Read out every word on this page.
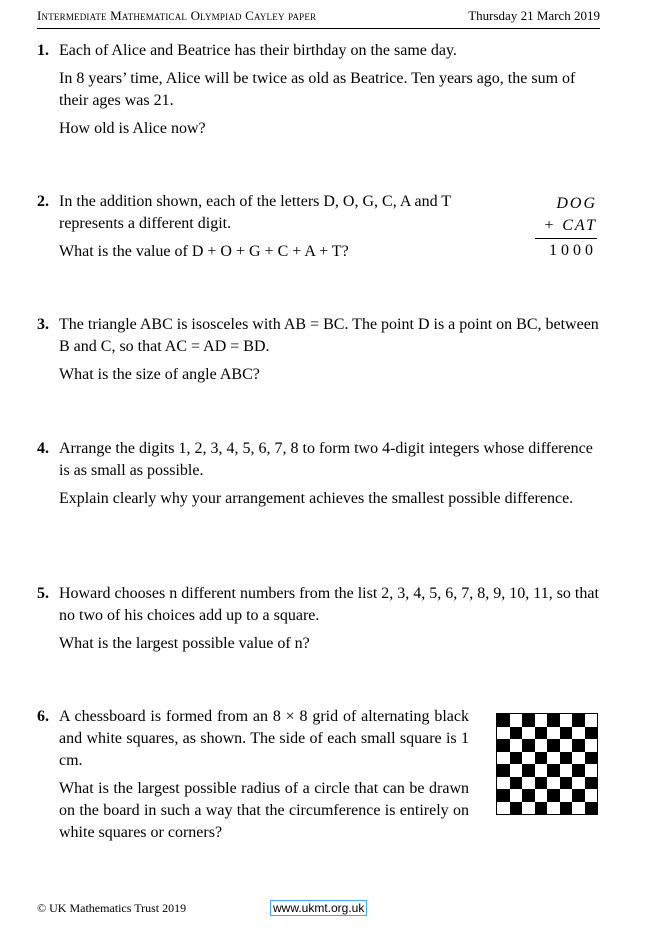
Intermediate Mathematical Olympiad Cayley paper	Thursday 21 March 2019
1. Each of Alice and Beatrice has their birthday on the same day.

In 8 years’ time, Alice will be twice as old as Beatrice. Ten years ago, the sum of their ages was 21.

How old is Alice now?

2. In the addition shown, each of the letters D, O, G, C, A and T represents a different digit.

What is the value of D + O + G + C + A + T?

DOG
+ CAT
1000
3. The triangle ABC is isosceles with AB = BC. The point D is a point on BC, between B and C, so that AC = AD = BD.

What is the size of angle ABC?

4. Arrange the digits 1, 2, 3, 4, 5, 6, 7, 8 to form two 4-digit integers whose difference is as small as possible.

Explain clearly why your arrangement achieves the smallest possible difference.

5. Howard chooses n different numbers from the list 2, 3, 4, 5, 6, 7, 8, 9, 10, 11, so that no two of his choices add up to a square.

What is the largest possible value of n?

6. A chessboard is formed from an 8 × 8 grid of alternating black and white squares, as shown. The side of each small square is 1 cm.

What is the largest possible radius of a circle that can be drawn on the board in such a way that the circumference is entirely on white squares or corners?

© UK Mathematics Trust 2019	www.ukmt.org.uk
